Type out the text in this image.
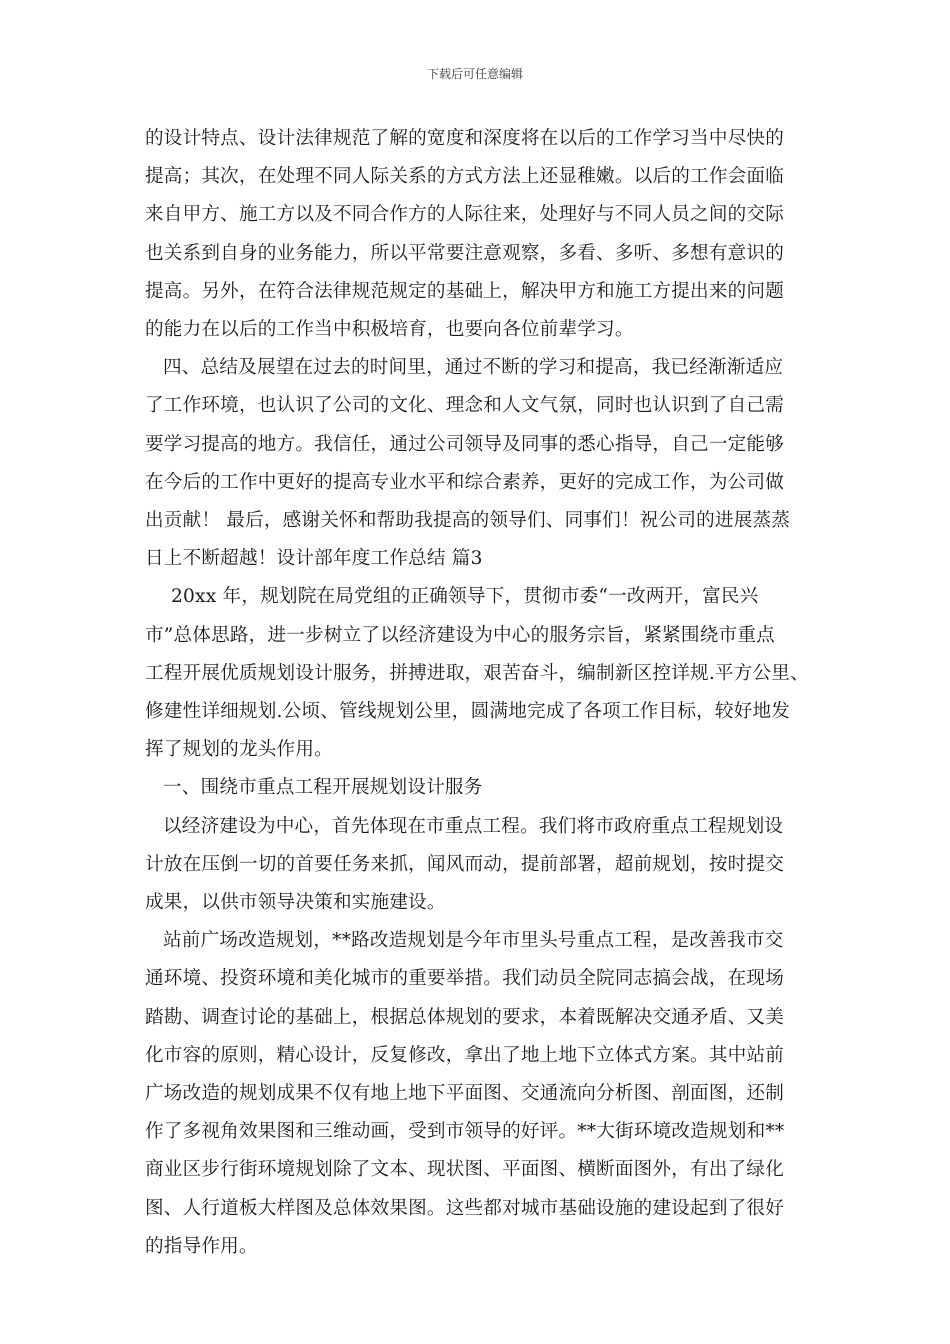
下载后可任意编辑
的设计特点、设计法律规范了解的宽度和深度将在以后的工作学习当中尽快的
提高；其次，在处理不同人际关系的方式方法上还显稚嫩。以后的工作会面临
来自甲方、施工方以及不同合作方的人际往来，处理好与不同人员之间的交际
也关系到自身的业务能力，所以平常要注意观察，多看、多听、多想有意识的
提高。另外，在符合法律规范规定的基础上，解决甲方和施工方提出来的问题
的能力在以后的工作当中积极培育，也要向各位前辈学习。
四、总结及展望在过去的时间里，通过不断的学习和提高，我已经渐渐适应
了工作环境，也认识了公司的文化、理念和人文气氛，同时也认识到了自己需
要学习提高的地方。我信任，通过公司领导及同事的悉心指导，自己一定能够
在今后的工作中更好的提高专业水平和综合素养，更好的完成工作，为公司做
出贡献！ 最后，感谢关怀和帮助我提高的领导们、同事们！祝公司的进展蒸蒸
日上不断超越！设计部年度工作总结 篇3
20xx 年，规划院在局党组的正确领导下，贯彻市委“一改两开，富民兴
市”总体思路，进一步树立了以经济建设为中心的服务宗旨，紧紧围绕市重点
工程开展优质规划设计服务，拼搏进取，艰苦奋斗，编制新区控详规.平方公里、
修建性详细规划.公顷、管线规划公里，圆满地完成了各项工作目标，较好地发
挥了规划的龙头作用。
一、围绕市重点工程开展规划设计服务
以经济建设为中心，首先体现在市重点工程。我们将市政府重点工程规划设
计放在压倒一切的首要任务来抓，闻风而动，提前部署，超前规划，按时提交
成果，以供市领导决策和实施建设。
站前广场改造规划，**路改造规划是今年市里头号重点工程，是改善我市交
通环境、投资环境和美化城市的重要举措。我们动员全院同志搞会战，在现场
踏勘、调查讨论的基础上，根据总体规划的要求，本着既解决交通矛盾、又美
化市容的原则，精心设计，反复修改，拿出了地上地下立体式方案。其中站前
广场改造的规划成果不仅有地上地下平面图、交通流向分析图、剖面图，还制
作了多视角效果图和三维动画，受到市领导的好评。**大街环境改造规划和**
商业区步行街环境规划除了文本、现状图、平面图、横断面图外，有出了绿化
图、人行道板大样图及总体效果图。这些都对城市基础设施的建设起到了很好
的指导作用。
